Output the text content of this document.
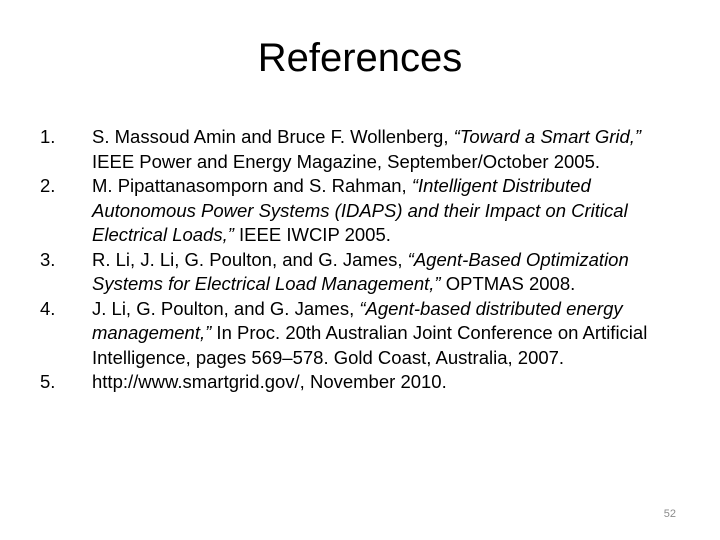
References
1.	S. Massoud Amin and Bruce F. Wollenberg, “Toward a Smart Grid,” IEEE Power and Energy Magazine, September/October 2005.
2.	M. Pipattanasomporn and S. Rahman, “Intelligent Distributed Autonomous Power Systems (IDAPS) and their Impact on Critical Electrical Loads,” IEEE IWCIP 2005.
3.	R. Li, J. Li, G. Poulton, and G. James, “Agent-Based Optimization Systems for Electrical Load Management,” OPTMAS 2008.
4.	J. Li, G. Poulton, and G. James, “Agent-based distributed energy management,” In Proc. 20th Australian Joint Conference on Artificial Intelligence, pages 569–578. Gold Coast, Australia, 2007.
5.	http://www.smartgrid.gov/, November 2010.
52
